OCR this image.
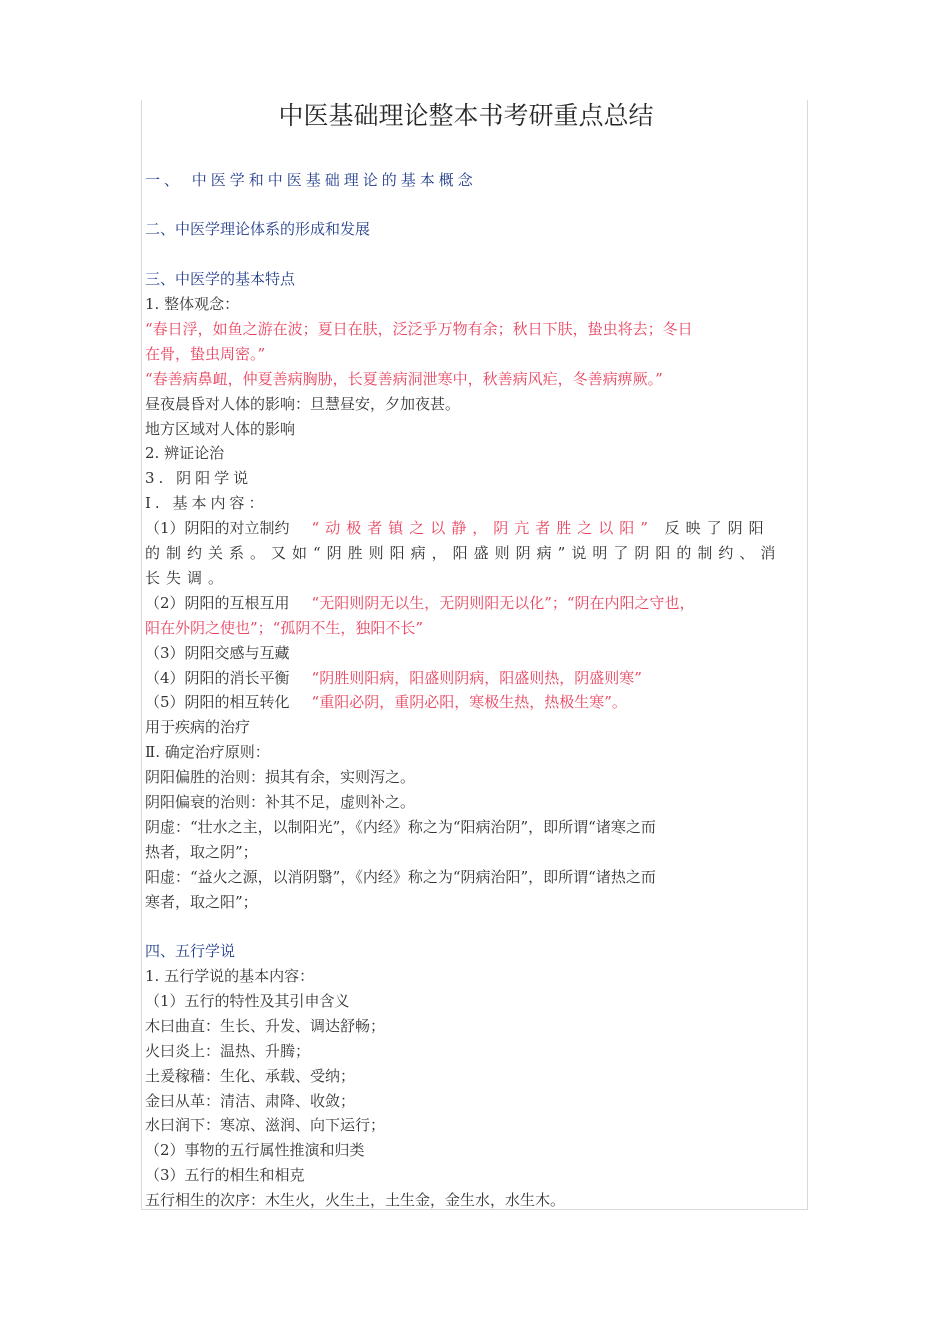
中医基础理论整本书考研重点总结
一、 中医学和中医基础理论的基本概念
二、中医学理论体系的形成和发展
三、中医学的基本特点
1. 整体观念：
“春日浮，如鱼之游在波；夏日在肤，泛泛乎万物有余；秋日下肤，蛰虫将去；冬日
在骨，蛰虫周密。”
“春善病鼻衄，仲夏善病胸胁，长夏善病洞泄寒中，秋善病风疟，冬善病痹厥。”
昼夜晨昏对人体的影响：旦慧昼安，夕加夜甚。
地方区域对人体的影响
2. 辨证论治
3. 阴阳学说
Ⅰ. 基本内容：
（1）阴阳的对立制约 “动极者镇之以静，阴亢者胜之以阳” 反映了阴阳
的制约关系。又如“阴胜则阳病，阳盛则阴病”说明了阴阳的制约、消
长失调。
（2）阴阳的互根互用 “无阳则阴无以生，无阴则阳无以化”；“阴在内阳之守也，
阳在外阴之使也”；“孤阴不生，独阳不长”
（3）阴阳交感与互藏
（4）阴阳的消长平衡 “阴胜则阳病，阳盛则阴病，阳盛则热，阴盛则寒”
（5）阴阳的相互转化 “重阳必阴，重阴必阳，寒极生热，热极生寒”。
用于疾病的治疗
Ⅱ. 确定治疗原则：
阴阳偏胜的治则：损其有余，实则泻之。
阴阳偏衰的治则：补其不足，虚则补之。
阴虚：“壮水之主，以制阳光”，《内经》称之为“阳病治阴”，即所谓“诸寒之而
热者，取之阴”；
阳虚：“益火之源，以消阴翳”，《内经》称之为“阴病治阳”，即所谓“诸热之而
寒者，取之阳”；
四、五行学说
1. 五行学说的基本内容：
（1）五行的特性及其引申含义
木曰曲直：生长、升发、调达舒畅；
火曰炎上：温热、升腾；
土爰稼穑：生化、承载、受纳；
金曰从革：清洁、肃降、收敛；
水曰润下：寒凉、滋润、向下运行；
（2）事物的五行属性推演和归类
（3）五行的相生和相克
五行相生的次序：木生火，火生土，土生金，金生水，水生木。
